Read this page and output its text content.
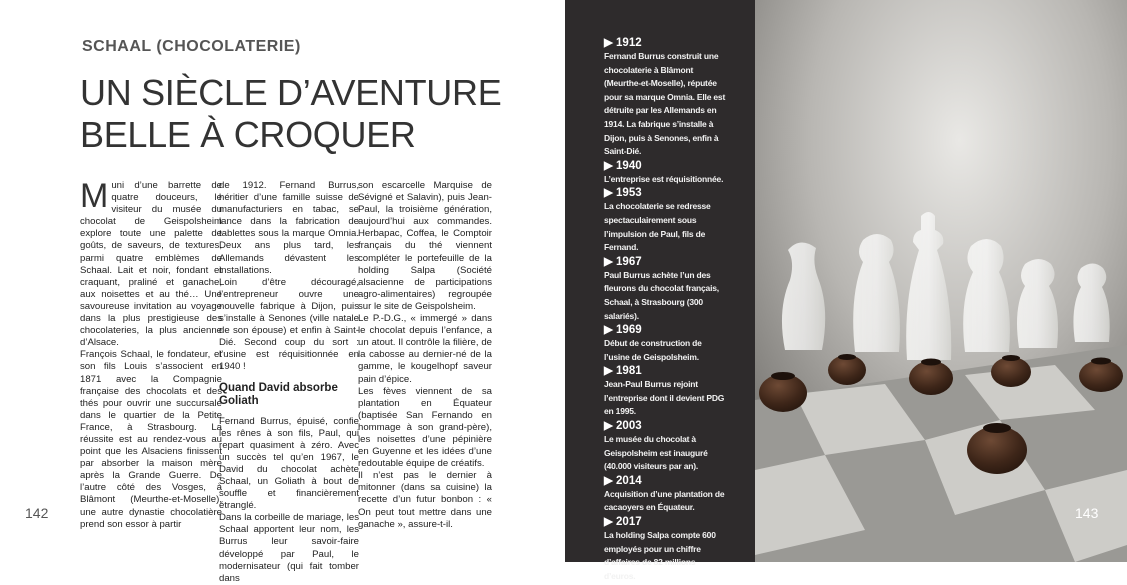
SCHAAL (CHOCOLATERIE)
UN SIÈCLE D’AVENTURE
BELLE À CROQUER

Muni d’une barrette de quatre douceurs, le visiteur du musée du chocolat de Geispolsheim explore toute une palette de goûts, de saveurs, de textures, parmi quatre emblèmes de Schaal. Lait et noir, fondant et craquant, praliné et ganache, aux noisettes et au thé… Une savoureuse invitation au voyage dans la plus prestigieuse des chocolateries, la plus ancienne d’Alsace.

François Schaal, le fondateur, et son fils Louis s’associent en 1871 avec la Compagnie française des chocolats et des thés pour ouvrir une succursale dans le quartier de la Petite France, à Strasbourg. La réussite est au rendez-vous au point que les Alsaciens finissent par absorber la maison mère après la Grande Guerre. De l’autre côté des Vosges, à Blâmont (Meurthe-et-Moselle), une autre dynastie chocolatière prend son essor à partir

de 1912. Fernand Burrus, héritier d’une famille suisse de manufacturiers en tabac, se lance dans la fabrication de tablettes sous la marque Omnia. Deux ans plus tard, les Allemands dévastent les installations.

Loin d’être découragé, l’entrepreneur ouvre une nouvelle fabrique à Dijon, puis s’installe à Senones (ville natale de son épouse) et enfin à Saint-Dié. Second coup du sort : l’usine est réquisitionnée en 1940 !

Quand David absorbe Goliath

Fernand Burrus, épuisé, confie les rênes à son fils, Paul, qui repart quasiment à zéro. Avec un succès tel qu’en 1967, le David du chocolat achète Schaal, un Goliath à bout de souffle et financièrement étranglé.

Dans la corbeille de mariage, les Schaal apportent leur nom, les Burrus leur savoir-faire développé par Paul, le modernisateur (qui fait tomber dans

son escarcelle Marquise de Sévigné et Salavin), puis Jean-Paul, la troisième génération, aujourd’hui aux commandes. Herbapac, Coffea, le Comptoir français du thé viennent compléter le portefeuille de la holding Salpa (Société alsacienne de participations agro-alimentaires) regroupée sur le site de Geispolsheim.

Le P.-D.G., « immergé » dans le chocolat depuis l’enfance, a un atout. Il contrôle la filière, de la cabosse au dernier-né de la gamme, le kougelhopf saveur pain d’épice.

Les fèves viennent de sa plantation en Équateur (baptisée San Fernando en hommage à son grand-père), les noisettes d’une pépinière en Guyenne et les idées d’une redoutable équipe de créatifs.

Il n’est pas le dernier à mitonner (dans sa cuisine) la recette d’un futur bonbon : « On peut tout mettre dans une ganache », assure-t-il.

142
▶ 1912
Fernand Burrus construit une chocolaterie à Blâmont (Meurthe-et-Moselle), réputée pour sa marque Omnia. Elle est détruite par les Allemands en 1914. La fabrique s’installe à Dijon, puis à Senones, enfin à Saint-Dié.
▶ 1940
L’entreprise est réquisitionnée.
▶ 1953
La chocolaterie se redresse spectaculairement sous l’impulsion de Paul, fils de Fernand.
▶ 1967
Paul Burrus achète l’un des fleurons du chocolat français, Schaal, à Strasbourg (300 salariés).
▶ 1969
Début de construction de l’usine de Geispolsheim.
▶ 1981
Jean-Paul Burrus rejoint l’entreprise dont il devient PDG en 1995.
▶ 2003
Le musée du chocolat à Geispolsheim est inauguré (40.000 visiteurs par an).
▶ 2014
Acquisition d’une plantation de cacaoyers en Équateur.
▶ 2017
La holding Salpa compte 600 employés pour un chiffre d’affaires de 82 millions d’euros.
143
